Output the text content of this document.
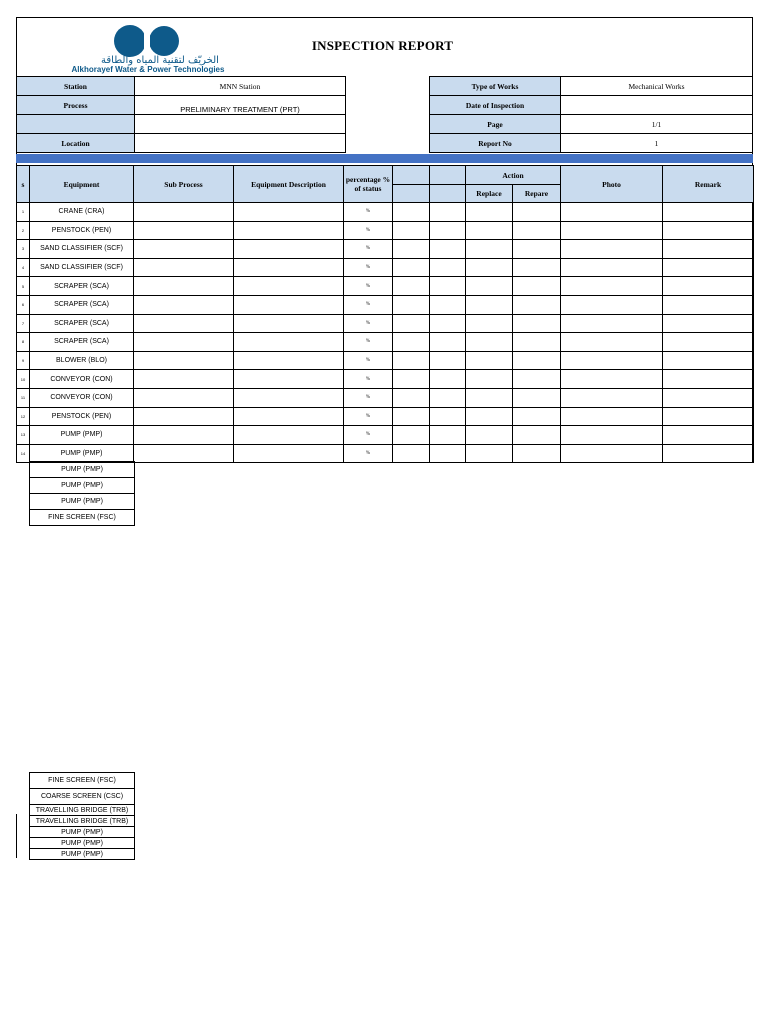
الخريّف لتقنية المياه والطاقة
Alkhorayef Water & Power Technologies
INSPECTION REPORT
Station	MNN Station
Process	PRELIMINARY TREATMENT (PRT)

Location	
Type of Works	Mechanical Works
Date of Inspection	
Page	1/1
Report No	1
s	Equipment	Sub Process	Equipment Description	percentage % of status			Action		Photo	Remark
							Replace	Repare		
1	CRANE (CRA)			%						
2	PENSTOCK (PEN)			%						
3	SAND CLASSIFIER (SCF)			%						
4	SAND CLASSIFIER (SCF)			%						
5	SCRAPER (SCA)			%						
6	SCRAPER (SCA)			%						
7	SCRAPER (SCA)			%						
8	SCRAPER (SCA)			%						
9	BLOWER (BLO)			%						
10	CONVEYOR (CON)			%						
11	CONVEYOR (CON)			%						
12	PENSTOCK (PEN)			%						
13	PUMP (PMP)			%						
14	PUMP (PMP)			%						
PUMP (PMP)
PUMP (PMP)
PUMP (PMP)
FINE SCREEN (FSC)
FINE SCREEN (FSC)
COARSE SCREEN (CSC)
TRAVELLING BRIDGE (TRB)
TRAVELLING BRIDGE (TRB)
PUMP (PMP)
PUMP (PMP)
PUMP (PMP)
